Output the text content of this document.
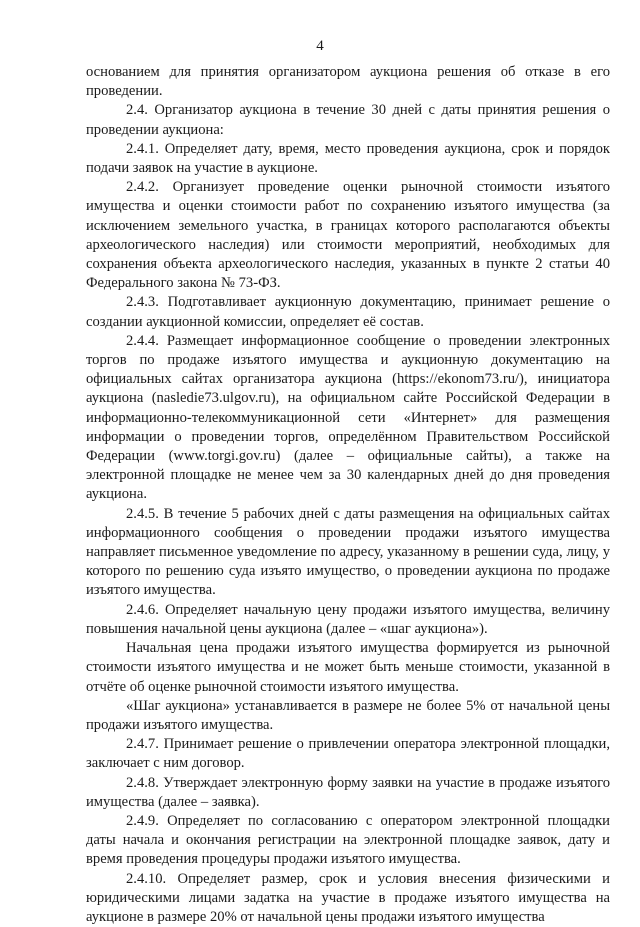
4

основанием для принятия организатором аукциона решения об отказе в его проведении.

2.4. Организатор аукциона в течение 30 дней с даты принятия решения о проведении аукциона:

2.4.1. Определяет дату, время, место проведения аукциона, срок и порядок подачи заявок на участие в аукционе.

2.4.2. Организует проведение оценки рыночной стоимости изъятого имущества и оценки стоимости работ по сохранению изъятого имущества (за исключением земельного участка, в границах которого располагаются объекты археологического наследия) или стоимости мероприятий, необходимых для сохранения объекта археологического наследия, указанных в пункте 2 статьи 40 Федерального закона № 73-ФЗ.

2.4.3. Подготавливает аукционную документацию, принимает решение о создании аукционной комиссии, определяет её состав.

2.4.4. Размещает информационное сообщение о проведении электронных торгов по продаже изъятого имущества и аукционную документацию на официальных сайтах организатора аукциона (https://ekonom73.ru/), инициатора аукциона (nasledie73.ulgov.ru), на официальном сайте Российской Федерации в информационно-телекоммуникационной сети «Интернет» для размещения информации о проведении торгов, определённом Правительством Российской Федерации (www.torgi.gov.ru) (далее – официальные сайты), а также на электронной площадке не менее чем за 30 календарных дней до дня проведения аукциона.

2.4.5. В течение 5 рабочих дней с даты размещения на официальных сайтах информационного сообщения о проведении продажи изъятого имущества направляет письменное уведомление по адресу, указанному в решении суда, лицу, у которого по решению суда изъято имущество, о проведении аукциона по продаже изъятого имущества.

2.4.6. Определяет начальную цену продажи изъятого имущества, величину повышения начальной цены аукциона (далее – «шаг аукциона»).

Начальная цена продажи изъятого имущества формируется из рыночной стоимости изъятого имущества и не может быть меньше стоимости, указанной в отчёте об оценке рыночной стоимости изъятого имущества.

«Шаг аукциона» устанавливается в размере не более 5% от начальной цены продажи изъятого имущества.

2.4.7. Принимает решение о привлечении оператора электронной площадки, заключает с ним договор.

2.4.8. Утверждает электронную форму заявки на участие в продаже изъятого имущества (далее – заявка).

2.4.9. Определяет по согласованию с оператором электронной площадки даты начала и окончания регистрации на электронной площадке заявок, дату и время проведения процедуры продажи изъятого имущества.

2.4.10. Определяет размер, срок и условия внесения физическими и юридическими лицами задатка на участие в продаже изъятого имущества на аукционе в размере 20% от начальной цены продажи изъятого имущества
